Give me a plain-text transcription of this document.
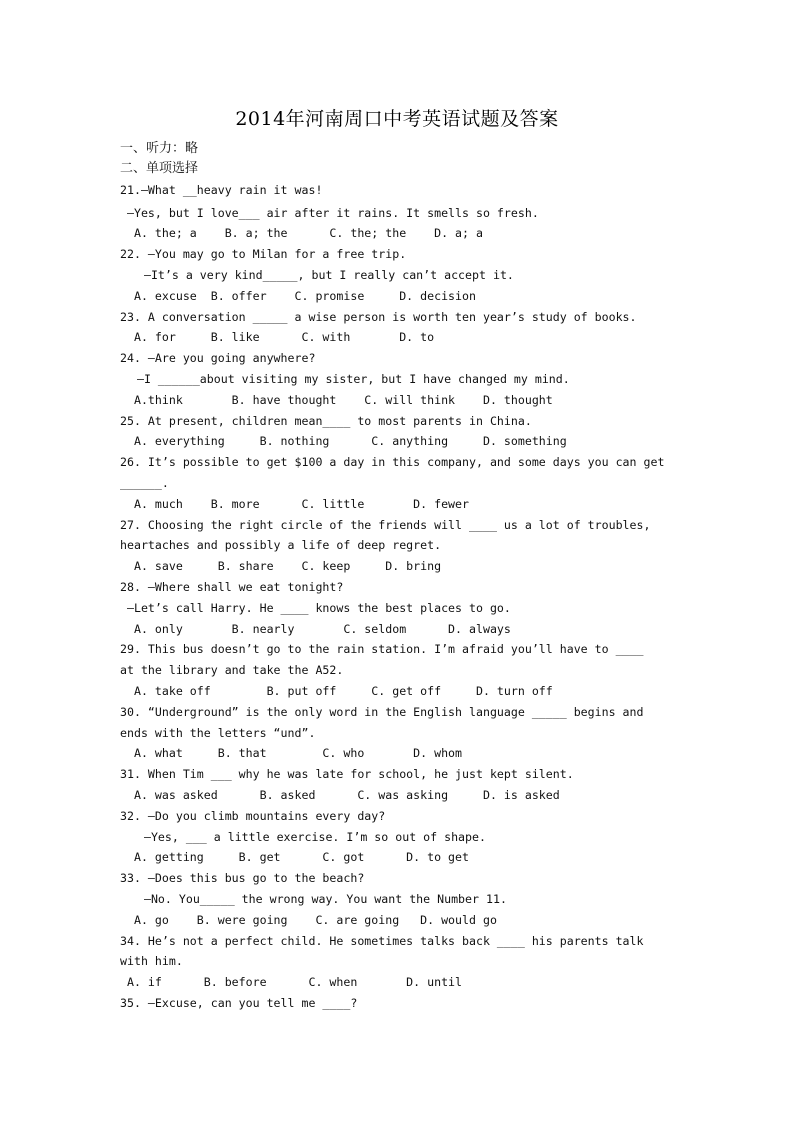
2014年河南周口中考英语试题及答案
一、听力：略
二、单项选择
21.—What __heavy rain it was!
—Yes, but I love___ air after it rains. It smells so fresh.
A. the; a    B. a; the      C. the; the    D. a; a
22. —You may go to Milan for a free trip.
—It’s a very kind_____, but I really can’t accept it.
A. excuse  B. offer    C. promise     D. decision
23. A conversation _____ a wise person is worth ten year’s study of books.
A. for     B. like      C. with       D. to
24. —Are you going anywhere?
—I ______about visiting my sister, but I have changed my mind.
A.think       B. have thought    C. will think    D. thought
25. At present, children mean____ to most parents in China.
A. everything     B. nothing      C. anything     D. something
26. It’s possible to get $100 a day in this company, and some days you can get
______.
A. much    B. more      C. little       D. fewer
27. Choosing the right circle of the friends will ____ us a lot of troubles,
heartaches and possibly a life of deep regret.
A. save     B. share    C. keep     D. bring
28. —Where shall we eat tonight?
—Let’s call Harry. He ____ knows the best places to go.
A. only       B. nearly       C. seldom      D. always
29. This bus doesn’t go to the rain station. I’m afraid you’ll have to ____
at the library and take the A52.
A. take off        B. put off     C. get off     D. turn off
30. “Underground” is the only word in the English language _____ begins and
ends with the letters “und”.
A. what     B. that        C. who       D. whom
31. When Tim ___ why he was late for school, he just kept silent.
A. was asked      B. asked      C. was asking     D. is asked
32. —Do you climb mountains every day?
—Yes, ___ a little exercise. I’m so out of shape.
A. getting     B. get      C. got      D. to get
33. —Does this bus go to the beach?
—No. You_____ the wrong way. You want the Number 11.
A. go    B. were going    C. are going   D. would go
34. He’s not a perfect child. He sometimes talks back ____ his parents talk
with him.
A. if      B. before      C. when       D. until
35. —Excuse, can you tell me ____?
